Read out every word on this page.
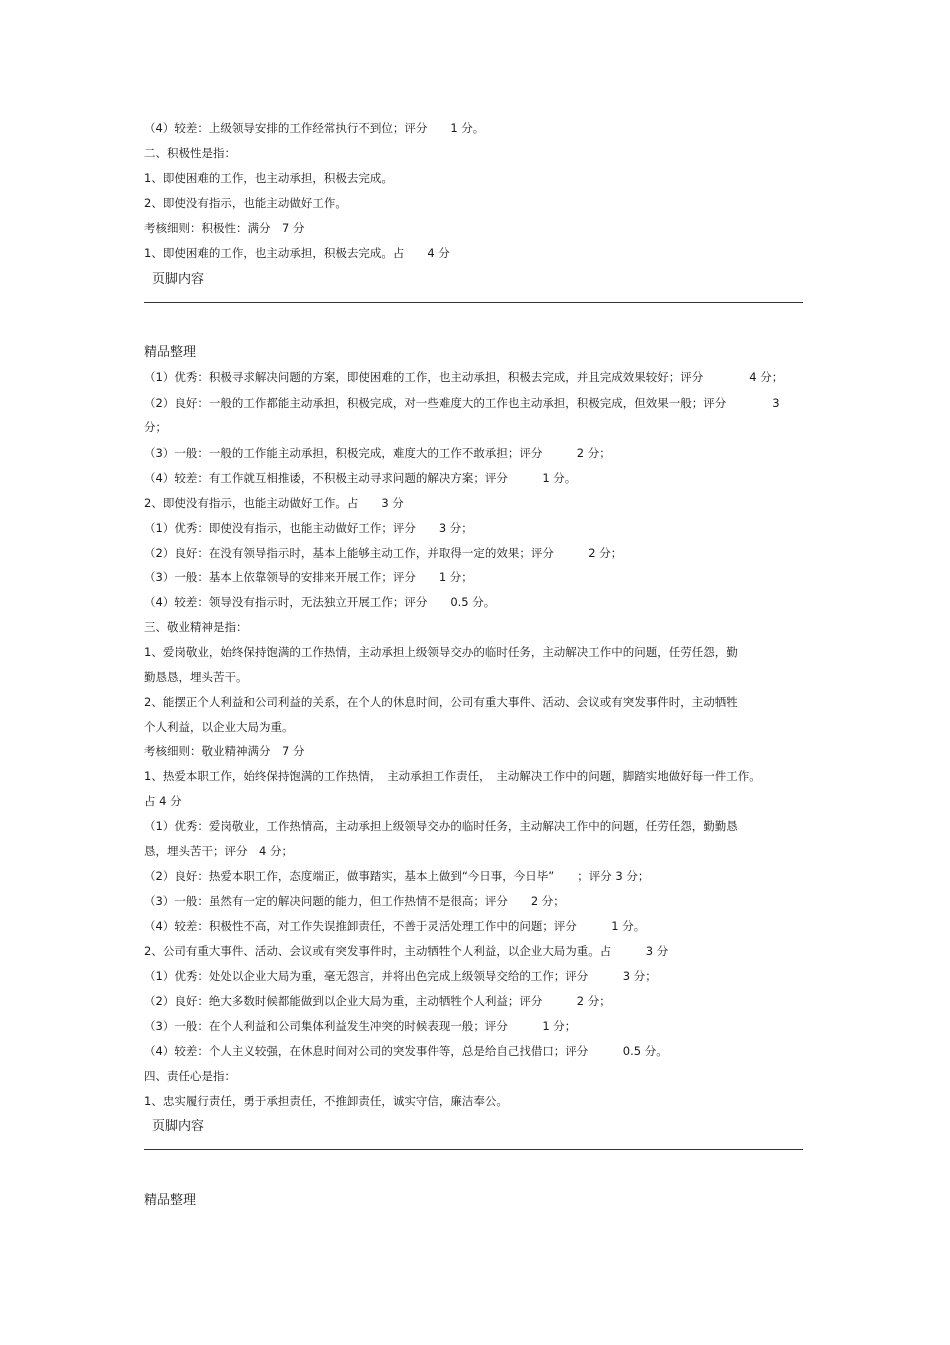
（4）较差：上级领导安排的工作经常执行不到位；评分　　1 分。

二、积极性是指：

1、即使困难的工作，也主动承担，积极去完成。

2、即使没有指示，也能主动做好工作。

考核细则：积极性：满分　7 分

1、即使困难的工作，也主动承担，积极去完成。占　　4 分

页脚内容

精品整理

（1）优秀：积极寻求解决问题的方案，即使困难的工作，也主动承担，积极去完成，并且完成效果较好；评分　　　　4 分；

（2）良好：一般的工作都能主动承担，积极完成，对一些难度大的工作也主动承担，积极完成，但效果一般；评分　　　　3

分；

（3）一般：一般的工作能主动承担，积极完成，难度大的工作不敢承担；评分　　　2 分；

（4）较差：有工作就互相推诿，不积极主动寻求问题的解决方案；评分　　　1 分。

2、即使没有指示，也能主动做好工作。占　　3 分

（1）优秀：即使没有指示，也能主动做好工作；评分　　3 分；

（2）良好：在没有领导指示时，基本上能够主动工作，并取得一定的效果；评分　　　2 分；

（3）一般：基本上依靠领导的安排来开展工作；评分　　1 分；

（4）较差：领导没有指示时，无法独立开展工作；评分　　0.5 分。

三、敬业精神是指：

1、爱岗敬业，始终保持饱满的工作热情，主动承担上级领导交办的临时任务，主动解决工作中的问题，任劳任怨，勤

勤恳恳，埋头苦干。

2、能摆正个人利益和公司利益的关系，在个人的休息时间，公司有重大事件、活动、会议或有突发事件时，主动牺牲

个人利益，以企业大局为重。

考核细则：敬业精神满分　7 分

1、热爱本职工作，始终保持饱满的工作热情，　主动承担工作责任，　主动解决工作中的问题，脚踏实地做好每一件工作。

占 4 分

（1）优秀：爱岗敬业，工作热情高，主动承担上级领导交办的临时任务，主动解决工作中的问题，任劳任怨，勤勤恳

恳，埋头苦干；评分　4 分；

（2）良好：热爱本职工作，态度端正，做事踏实，基本上做到“今日事，今日毕”　　；评分 3 分；

（3）一般：虽然有一定的解决问题的能力，但工作热情不是很高；评分　　2 分；

（4）较差：积极性不高，对工作失误推卸责任，不善于灵活处理工作中的问题；评分　　　1 分。

2、公司有重大事件、活动、会议或有突发事件时，主动牺牲个人利益，以企业大局为重。占　　　3 分

（1）优秀：处处以企业大局为重，毫无怨言，并将出色完成上级领导交给的工作；评分　　　3 分；

（2）良好：绝大多数时候都能做到以企业大局为重，主动牺牲个人利益；评分　　　2 分；

（3）一般：在个人利益和公司集体利益发生冲突的时候表现一般；评分　　　1 分；

（4）较差：个人主义较强，在休息时间对公司的突发事件等，总是给自己找借口；评分　　　0.5 分。

四、责任心是指：

1、忠实履行责任，勇于承担责任，不推卸责任，诚实守信，廉洁奉公。

页脚内容

精品整理
